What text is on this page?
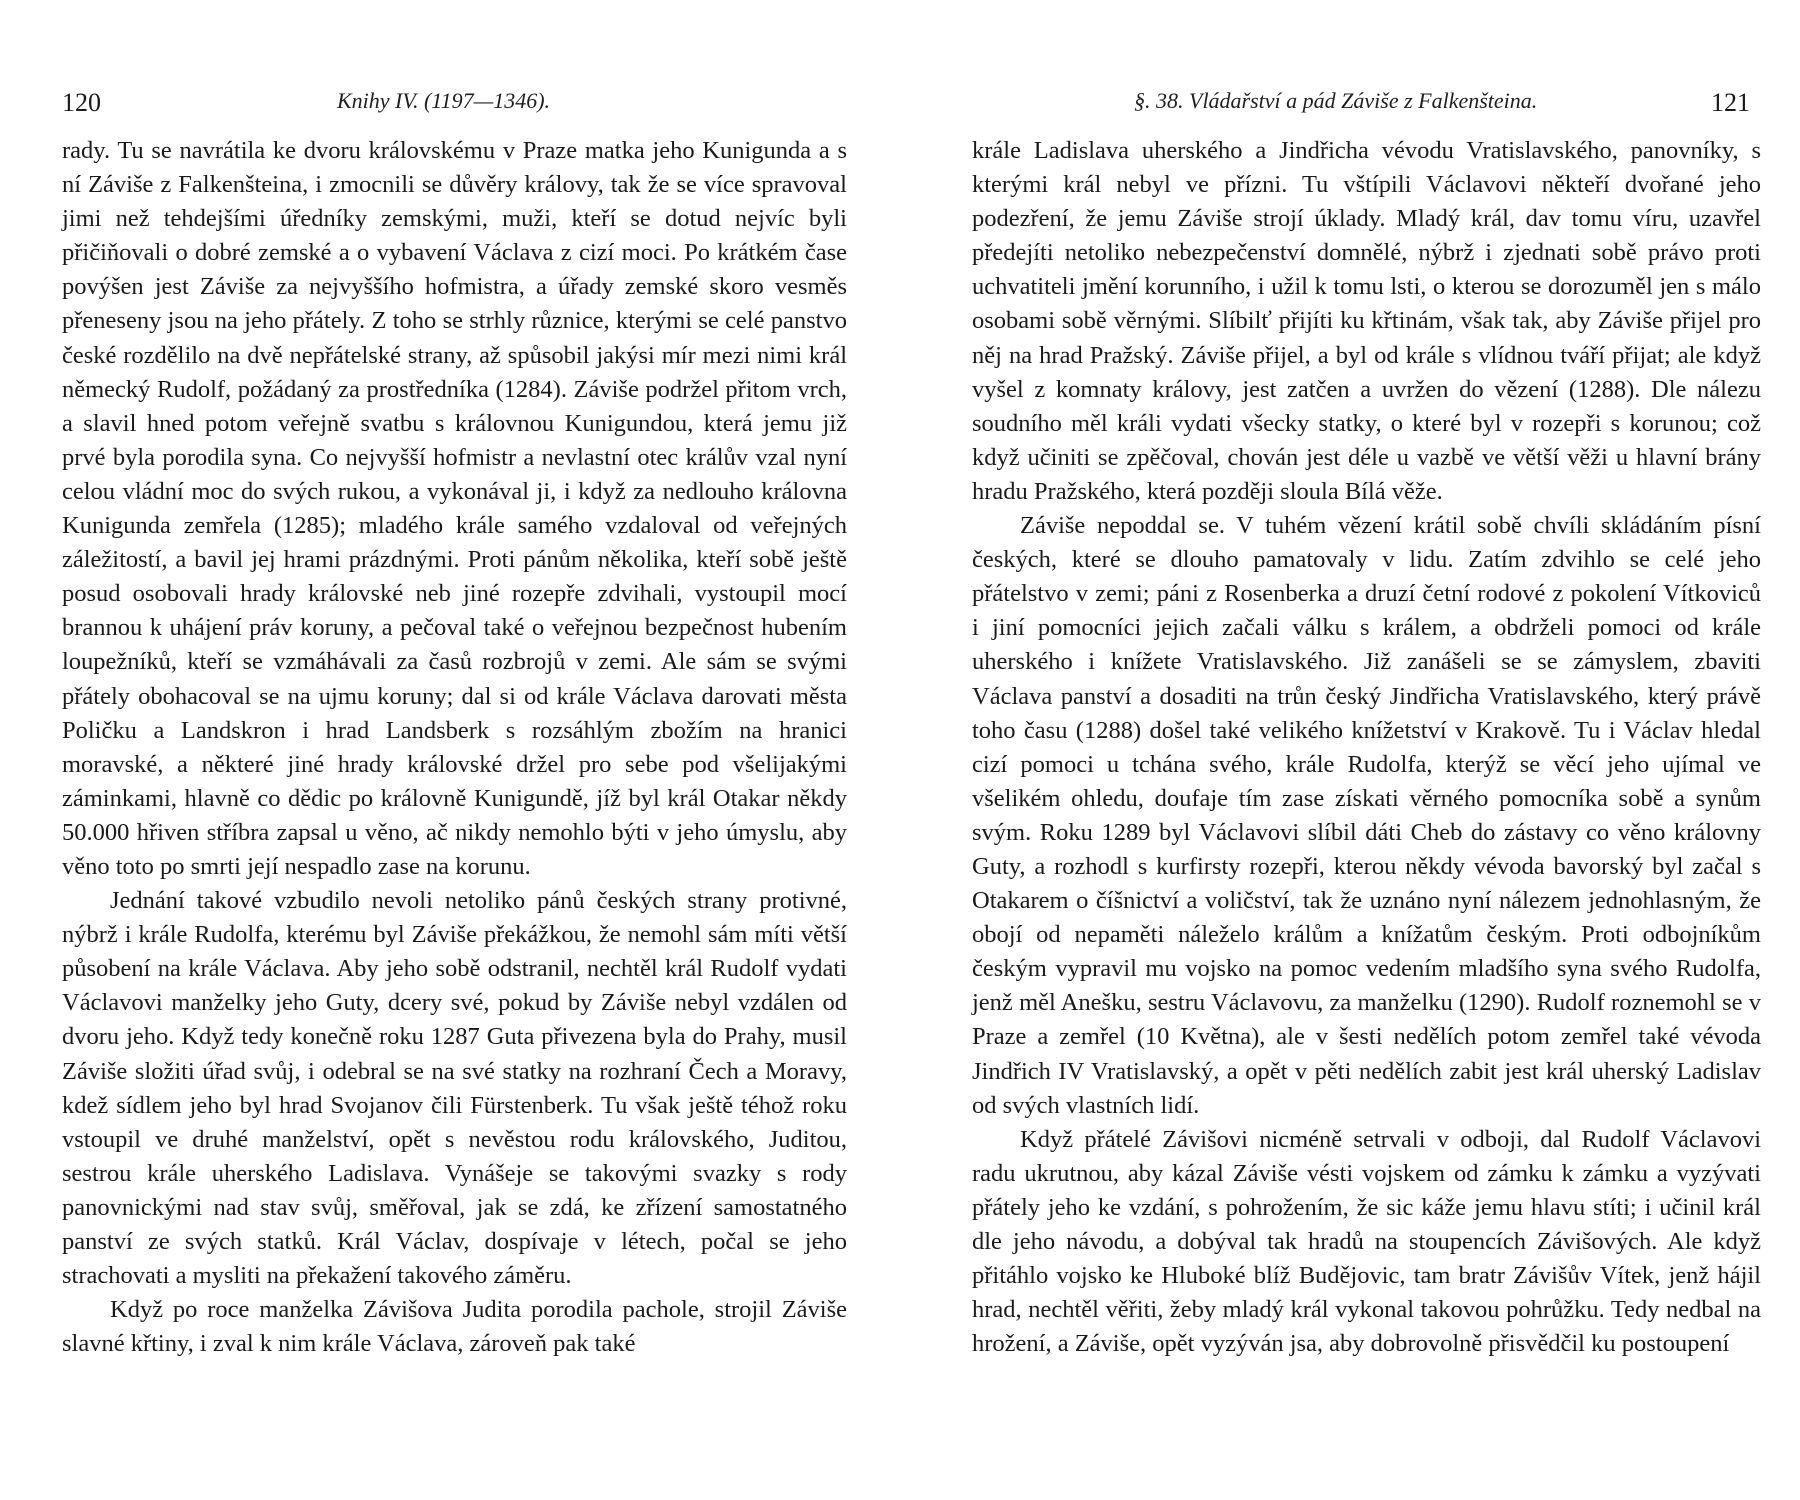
120	Knihy IV. (1197—1346).

rady. Tu se navrátila ke dvoru královskému v Praze matka jeho Kunigunda a s ní Záviše z Falkenšteina, i zmocnili se důvěry královy, tak že se více spravoval jimi než tehdejšími úředníky zemskými, muži, kteří se dotud nejvíc byli přičiňovali o dobré zemské a o vybavení Václava z cizí moci. Po krátkém čase povýšen jest Záviše za nejvyššího hofmistra, a úřady zemské skoro vesměs přeneseny jsou na jeho přátely. Z toho se strhly různice, kterými se celé panstvo české rozdělilo na dvě nepřátelské strany, až spůsobil jakýsi mír mezi nimi král německý Rudolf, požádaný za prostředníka (1284). Záviše podržel přitom vrch, a slavil hned potom veřejně svatbu s královnou Kunigundou, která jemu již prvé byla porodila syna. Co nejvyšší hofmistr a nevlastní otec králův vzal nyní celou vládní moc do svých rukou, a vykonával ji, i když za nedlouho královna Kunigunda zemřela (1285); mladého krále samého vzdaloval od veřejných záležitostí, a bavil jej hrami prázdnými. Proti pánům několika, kteří sobě ještě posud osobovali hrady královské neb jiné rozepře zdvihali, vystoupil mocí brannou k uhájení práv koruny, a pečoval také o veřejnou bezpečnost hubením loupežníků, kteří se vzmáhávali za časů rozbrojů v zemi. Ale sám se svými přátely obohacoval se na ujmu koruny; dal si od krále Václava darovati města Poličku a Landskron i hrad Landsberk s rozsáhlým zbožím na hranici moravské, a některé jiné hrady královské držel pro sebe pod všelijakými záminkami, hlavně co dědic po královně Kunigundě, jíž byl král Otakar někdy 50.000 hřiven stříbra zapsal u věno, ač nikdy nemohlo býti v jeho úmyslu, aby věno toto po smrti její nespadlo zase na korunu.

Jednání takové vzbudilo nevoli netoliko pánů českých strany protivné, nýbrž i krále Rudolfa, kterému byl Záviše překážkou, že nemohl sám míti větší působení na krále Václava. Aby jeho sobě odstranil, nechtěl král Rudolf vydati Václavovi manželky jeho Guty, dcery své, pokud by Záviše nebyl vzdálen od dvoru jeho. Když tedy konečně roku 1287 Guta přivezena byla do Prahy, musil Záviše složiti úřad svůj, i odebral se na své statky na rozhraní Čech a Moravy, kdež sídlem jeho byl hrad Svojanov čili Fürstenberk. Tu však ještě téhož roku vstoupil ve druhé manželství, opět s nevěstou rodu královského, Juditou, sestrou krále uherského Ladislava. Vynášeje se takovými svazky s rody panovnickými nad stav svůj, směřoval, jak se zdá, ke zřízení samostatného panství ze svých statků. Král Václav, dospívaje v létech, počal se jeho strachovati a mysliti na překažení takového záměru.

Když po roce manželka Závišova Judita porodila pachole, strojil Záviše slavné křtiny, i zval k nim krále Václava, zároveň pak také

§. 38. Vládařství a pád Záviše z Falkenšteina.	121

krále Ladislava uherského a Jindřicha vévodu Vratislavského, panovníky, s kterými král nebyl ve přízni. Tu vštípili Václavovi někteří dvořané jeho podezření, že jemu Záviše strojí úklady. Mladý král, dav tomu víru, uzavřel předejíti netoliko nebezpečenství domnělé, nýbrž i zjednati sobě právo proti uchvatiteli jmění korunního, i užil k tomu lsti, o kterou se dorozuměl jen s málo osobami sobě věrnými. Slíbilť přijíti ku křtinám, však tak, aby Záviše přijel pro něj na hrad Pražský. Záviše přijel, a byl od krále s vlídnou tváří přijat; ale když vyšel z komnaty královy, jest zatčen a uvržen do vězení (1288). Dle nálezu soudního měl králi vydati všecky statky, o které byl v rozepři s korunou; což když učiniti se zpěčoval, chován jest déle u vazbě ve větší věži u hlavní brány hradu Pražského, která později sloula Bílá věže.

Záviše nepoddal se. V tuhém vězení krátil sobě chvíli skládáním písní českých, které se dlouho pamatovaly v lidu. Zatím zdvihlo se celé jeho přátelstvo v zemi; páni z Rosenberka a druzí četní rodové z pokolení Vítkoviců i jiní pomocníci jejich začali válku s králem, a obdrželi pomoci od krále uherského i knížete Vratislavského. Již zanášeli se se zámyslem, zbaviti Václava panství a dosaditi na trůn český Jindřicha Vratislavského, který právě toho času (1288) došel také velikého knížetství v Krakově. Tu i Václav hledal cizí pomoci u tchána svého, krále Rudolfa, kterýž se věcí jeho ujímal ve všelikém ohledu, doufaje tím zase získati věrného pomocníka sobě a synům svým. Roku 1289 byl Václavovi slíbil dáti Cheb do zástavy co věno královny Guty, a rozhodl s kurfirsty rozepři, kterou někdy vévoda bavorský byl začal s Otakarem o číšnictví a voličství, tak že uznáno nyní nálezem jednohlasným, že obojí od nepaměti náleželo králům a knížatům českým. Proti odbojníkům českým vypravil mu vojsko na pomoc vedením mladšího syna svého Rudolfa, jenž měl Anešku, sestru Václavovu, za manželku (1290). Rudolf roznemohl se v Praze a zemřel (10 Května), ale v šesti nedělích potom zemřel také vévoda Jindřich IV Vratislavský, a opět v pěti nedělích zabit jest král uherský Ladislav od svých vlastních lidí.

Když přátelé Závišovi nicméně setrvali v odboji, dal Rudolf Václavovi radu ukrutnou, aby kázal Záviše vésti vojskem od zámku k zámku a vyzývati přátely jeho ke vzdání, s pohrožením, že sic káže jemu hlavu stíti; i učinil král dle jeho návodu, a dobýval tak hradů na stoupencích Závišových. Ale když přitáhlo vojsko ke Hluboké blíž Budějovic, tam bratr Závišův Vítek, jenž hájil hrad, nechtěl věřiti, žeby mladý král vykonal takovou pohrůžku. Tedy nedbal na hrožení, a Záviše, opět vyzýván jsa, aby dobrovolně přisvědčil ku postoupení
